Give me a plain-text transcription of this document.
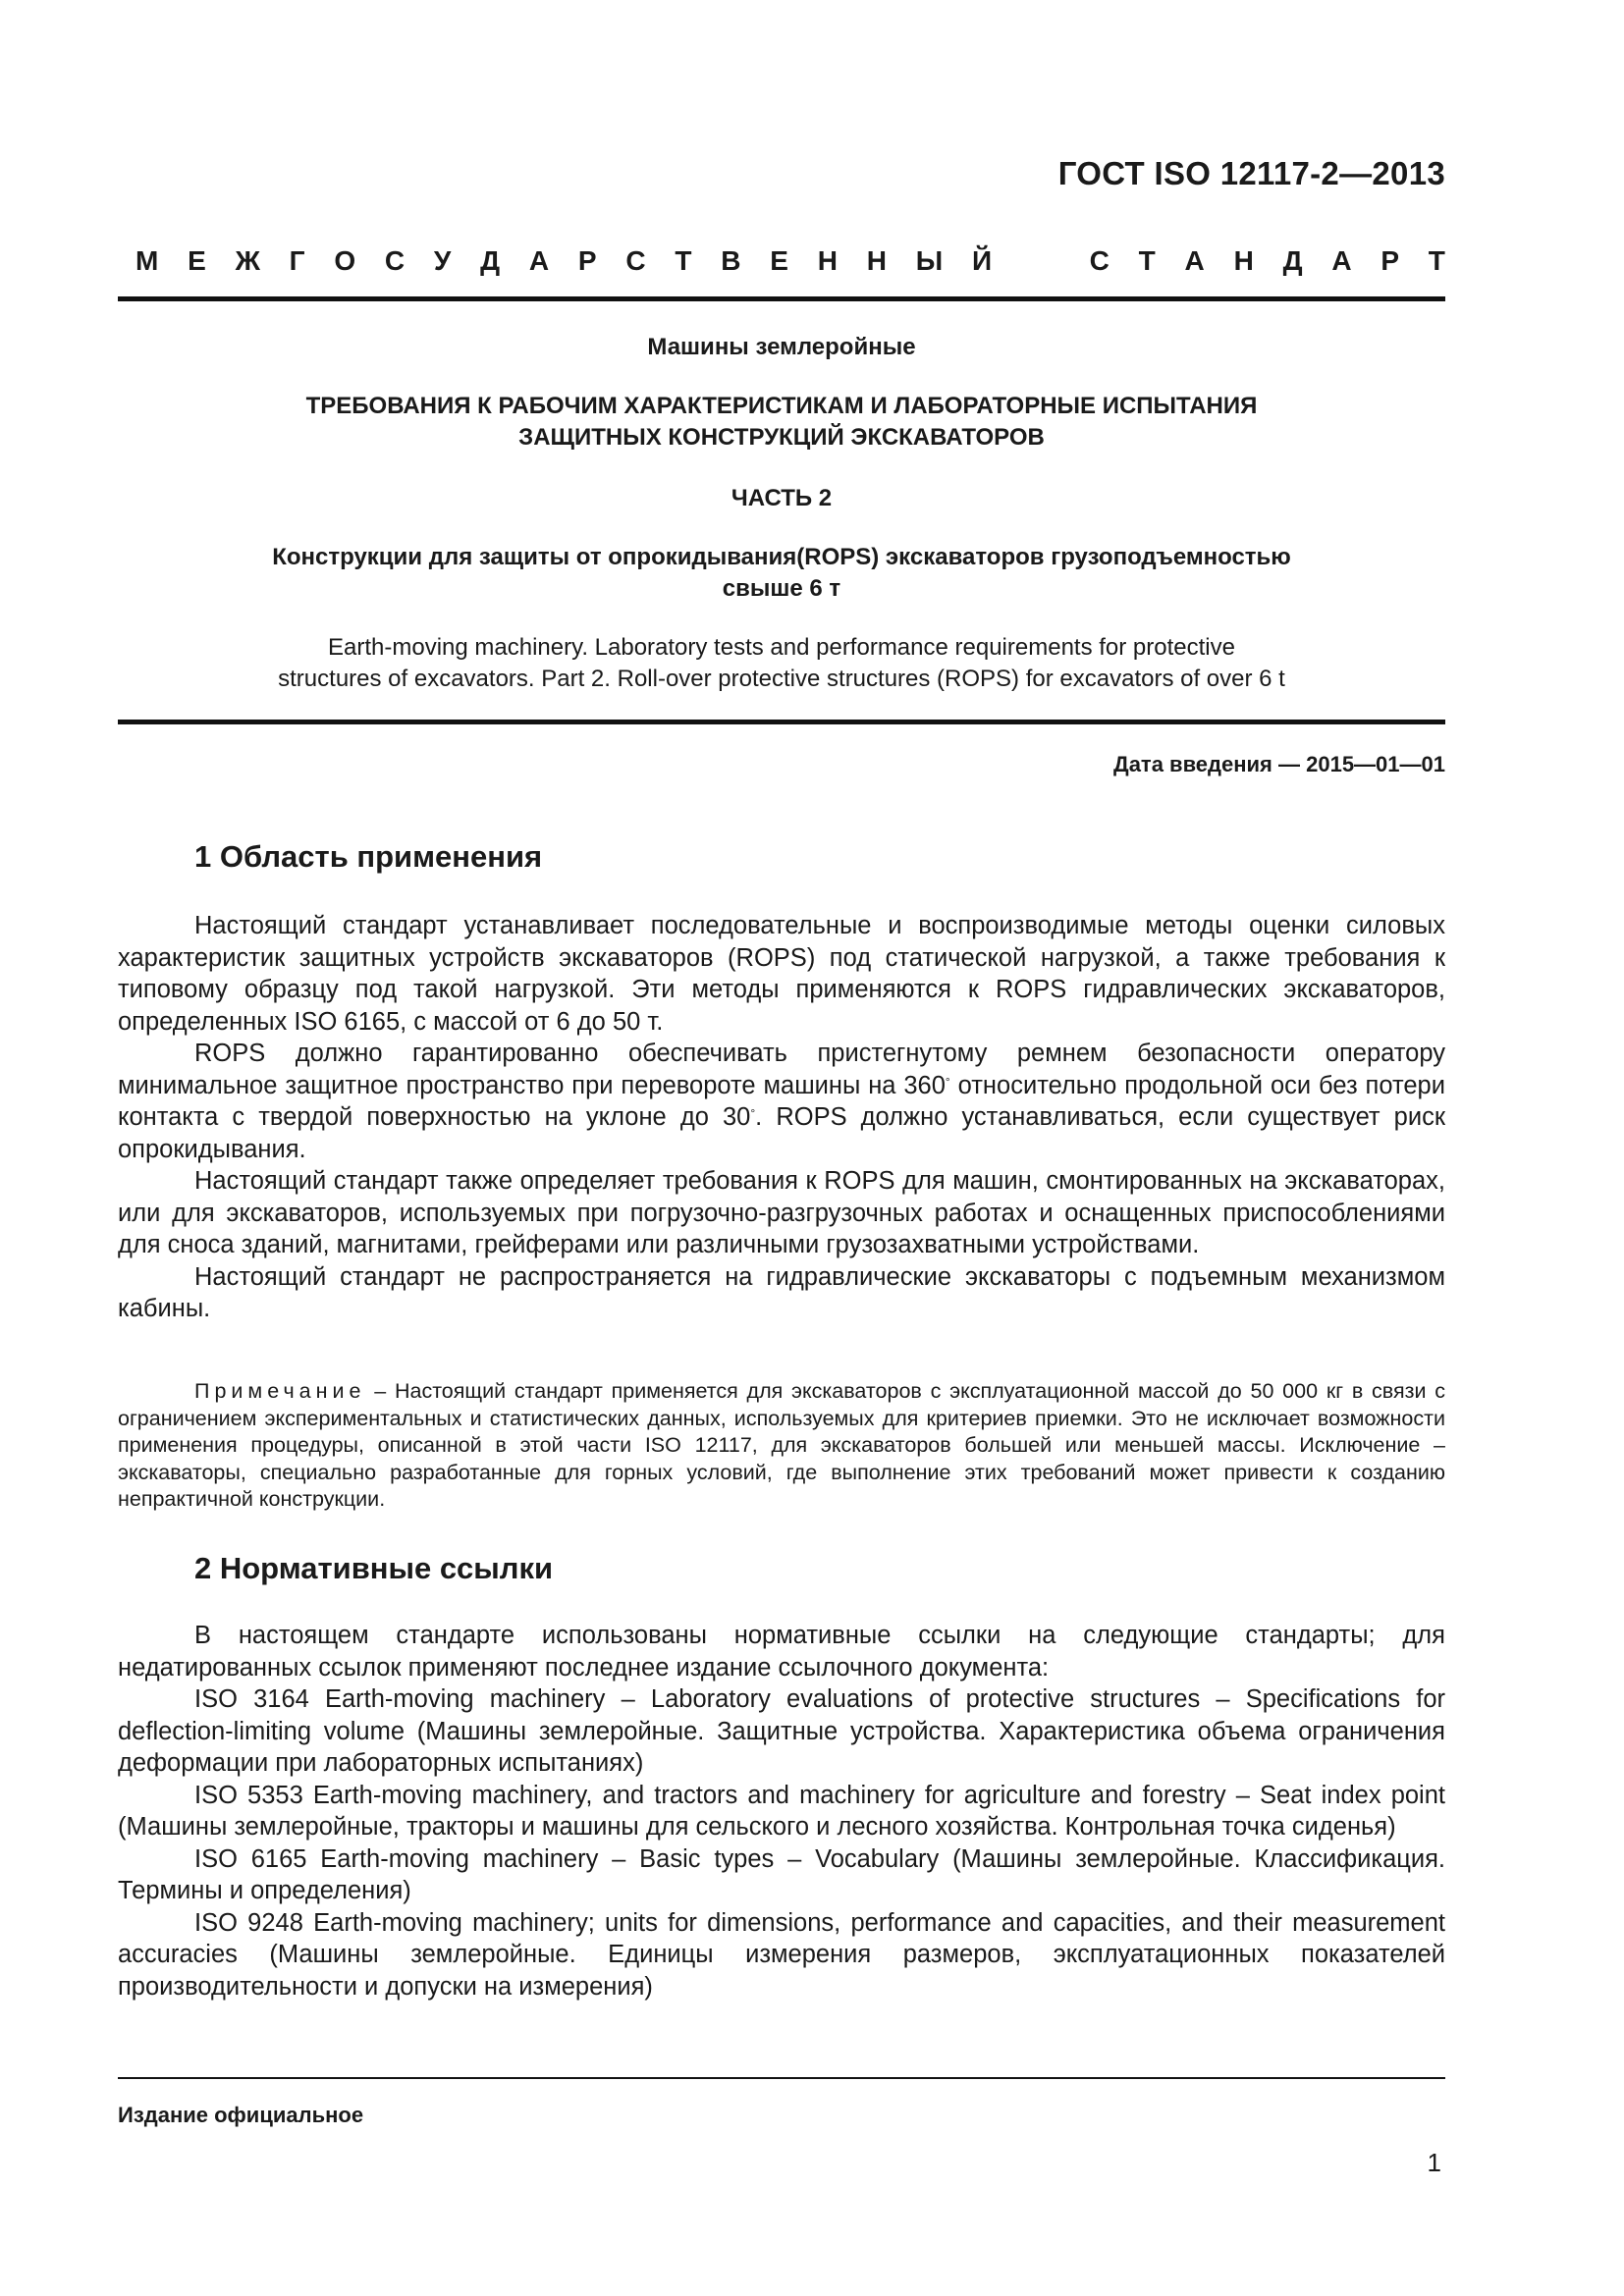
ГОСТ ISO 12117-2—2013
М Е Ж Г О С У Д А Р С Т В Е Н Н Ы Й	С Т А Н Д А Р Т
Машины землеройные
ТРЕБОВАНИЯ К РАБОЧИМ ХАРАКТЕРИСТИКАМ И ЛАБОРАТОРНЫЕ ИСПЫТАНИЯ
ЗАЩИТНЫХ КОНСТРУКЦИЙ ЭКСКАВАТОРОВ
ЧАСТЬ 2
Конструкции для защиты от опрокидывания(ROPS) экскаваторов грузоподъемностью
свыше 6 т
Earth-moving machinery. Laboratory tests and performance requirements for protective
structures of excavators. Part 2. Roll-over protective structures (ROPS) for excavators of over 6 t
Дата введения — 2015—01—01
1 Область применения

Настоящий стандарт устанавливает последовательные и воспроизводимые методы оценки силовых характеристик защитных устройств экскаваторов (ROPS) под статической нагрузкой, а также требования к типовому образцу под такой нагрузкой. Эти методы применяются к ROPS гидравлических экскаваторов, определенных ISO 6165, с массой от 6 до 50 т.

ROPS должно гарантированно обеспечивать пристегнутому ремнем безопасности оператору минимальное защитное пространство при перевороте машины на 360° относительно продольной оси без потери контакта с твердой поверхностью на уклоне до 30°. ROPS должно устанавливаться, если существует риск опрокидывания.

Настоящий стандарт также определяет требования к ROPS для машин, смонтированных на экскаваторах, или для экскаваторов, используемых при погрузочно-разгрузочных работах и оснащенных приспособлениями для сноса зданий, магнитами, грейферами или различными грузозахватными устройствами.

Настоящий стандарт не распространяется на гидравлические экскаваторы с подъемным механизмом кабины.

Примечание – Настоящий стандарт применяется для экскаваторов с эксплуатационной массой до 50 000 кг в связи с ограничением экспериментальных и статистических данных, используемых для критериев приемки. Это не исключает возможности применения процедуры, описанной в этой части ISO 12117, для экскаваторов большей или меньшей массы. Исключение – экскаваторы, специально разработанные для горных условий, где выполнение этих требований может привести к созданию непрактичной конструкции.

2 Нормативные ссылки

В настоящем стандарте использованы нормативные ссылки на следующие стандарты; для недатированных ссылок применяют последнее издание ссылочного документа:

ISO 3164 Earth-moving machinery – Laboratory evaluations of protective structures – Specifications for deflection-limiting volume (Машины землеройные. Защитные устройства. Характеристика объема ограничения деформации при лабораторных испытаниях)

ISO 5353 Earth-moving machinery, and tractors and machinery for agriculture and forestry – Seat index point (Машины землеройные, тракторы и машины для сельского и лесного хозяйства. Контрольная точка сиденья)

ISO 6165 Earth-moving machinery – Basic types – Vocabulary (Машины землеройные. Классификация. Термины и определения)

ISO 9248 Earth-moving machinery; units for dimensions, performance and capacities, and their measurement accuracies (Машины землеройные. Единицы измерения размеров, эксплуатационных показателей производительности и допуски на измерения)

Издание официальное
1
